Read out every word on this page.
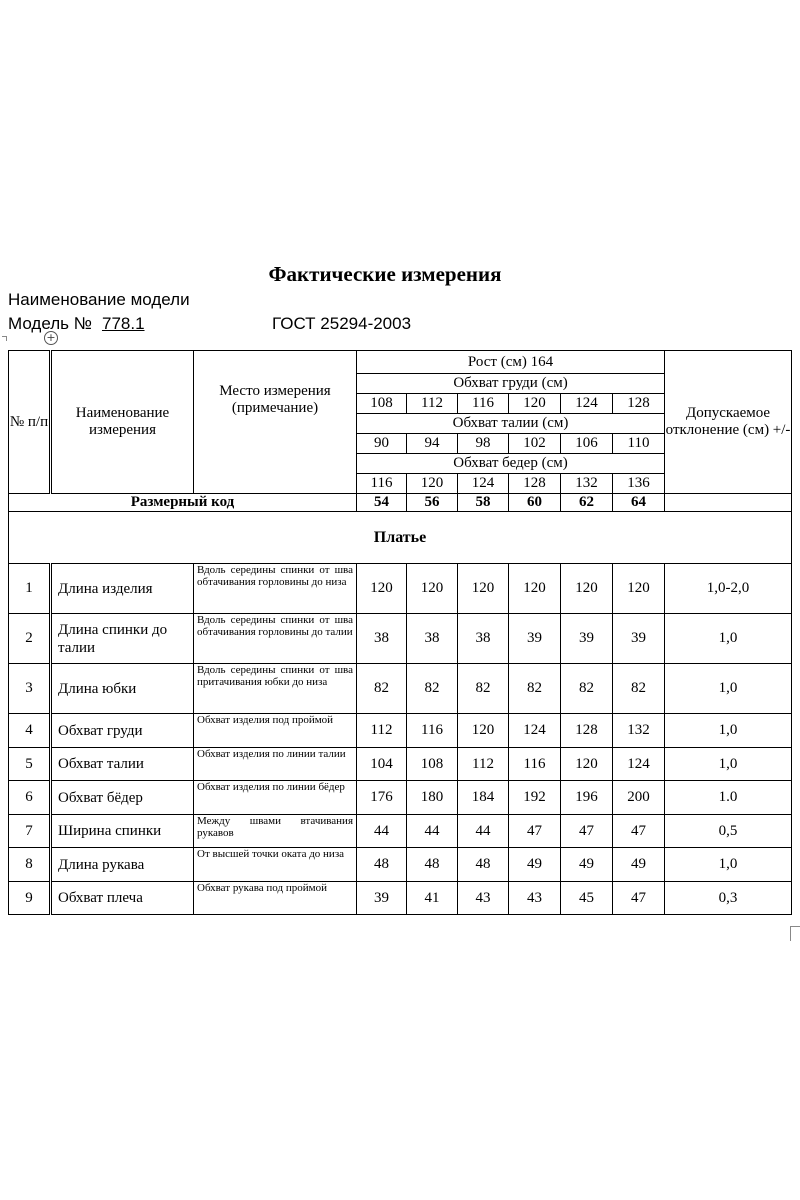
Фактические измерения
Наименование модели
Модель № 778.1	ГОСТ 25294-2003
+
№ п/п	Наименование измерения	Место измерения (примечание)	Рост (см) 164						Допускаемое отклонение (см) +/-
			Обхват груди (см)						
			108	112	116	120	124	128	
			Обхват талии (см)						
			90	94	98	102	106	110	
			Обхват бедер (см)						
			116	120	124	128	132	136	
Размерный код			54	56	58	60	62	64	
Платье									
1	Длина изделия	Вдоль середины спинки от шва обтачивания горловины до низа	120	120	120	120	120	120	1,0-2,0
2	Длина спинки до талии	Вдоль середины спинки от шва обтачивания горловины до талии	38	38	38	39	39	39	1,0
3	Длина юбки	Вдоль середины спинки от шва притачивания юбки до низа	82	82	82	82	82	82	1,0
4	Обхват груди	Обхват изделия под проймой	112	116	120	124	128	132	1,0
5	Обхват талии	Обхват изделия по линии талии	104	108	112	116	120	124	1,0
6	Обхват бёдер	Обхват изделия по линии бёдер	176	180	184	192	196	200	1.0
7	Ширина спинки	Между швами втачивания рукавов	44	44	44	47	47	47	0,5
8	Длина рукава	От высшей точки оката до низа	48	48	48	49	49	49	1,0
9	Обхват плеча	Обхват рукава под проймой	39	41	43	43	45	47	0,3
